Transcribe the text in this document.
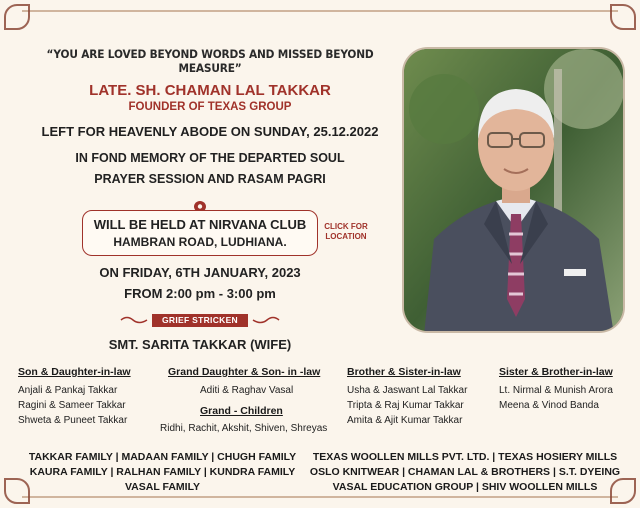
“YOU ARE LOVED BEYOND WORDS AND MISSED BEYOND MEASURE”
LATE. SH. CHAMAN LAL TAKKAR
FOUNDER OF TEXAS GROUP
LEFT FOR HEAVENLY ABODE ON SUNDAY, 25.12.2022
IN FOND MEMORY OF THE DEPARTED SOUL
PRAYER SESSION AND RASAM PAGRI
WILL BE HELD AT NIRVANA CLUB
HAMBRAN ROAD, LUDHIANA.
CLICK FOR LOCATION
ON FRIDAY, 6TH JANUARY, 2023
FROM 2:00 pm - 3:00 pm
GRIEF STRICKEN
SMT. SARITA TAKKAR (WIFE)
Son & Daughter-in-law
Anjali & Pankaj Takkar
Ragini & Sameer Takkar
Shweta & Puneet Takkar
Grand Daughter & Son- in -law
Aditi & Raghav Vasal
Grand - Children
Ridhi, Rachit, Akshit, Shiven, Shreyas
Brother & Sister-in-law
Usha & Jaswant Lal Takkar
Tripta & Raj Kumar Takkar
Amita & Ajit Kumar Takkar
Sister & Brother-in-law
Lt. Nirmal & Munish Arora
Meena & Vinod Banda
TAKKAR FAMILY | MADAAN FAMILY | CHUGH FAMILY
KAURA FAMILY | RALHAN FAMILY | KUNDRA FAMILY
VASAL FAMILY
TEXAS WOOLLEN MILLS PVT. LTD. | TEXAS HOSIERY MILLS
OSLO KNITWEAR | CHAMAN LAL & BROTHERS | S.T. DYEING
VASAL EDUCATION GROUP | SHIV WOOLLEN MILLS
